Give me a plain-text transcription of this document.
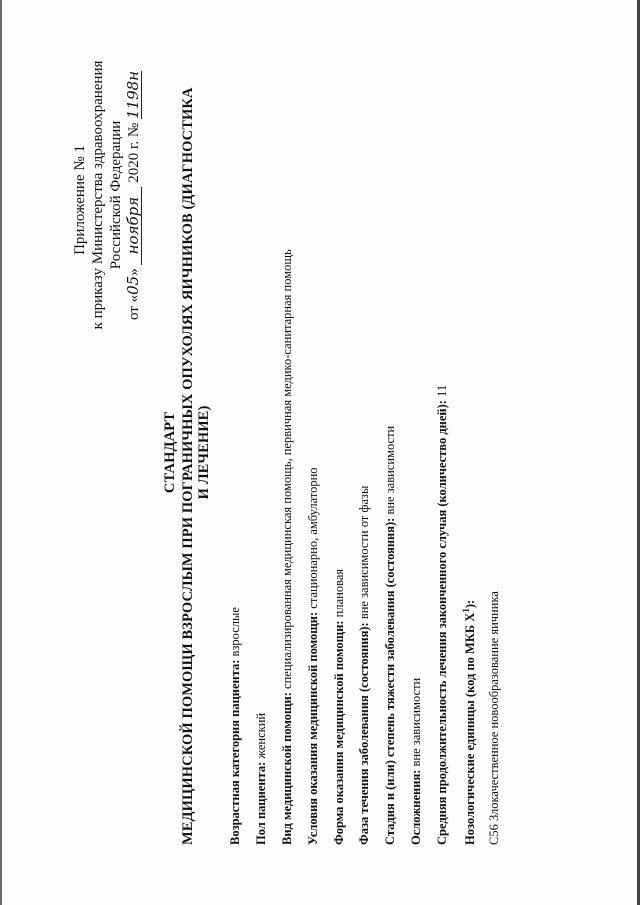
Приложение № 1 к приказу Министерства здравоохранения Российской Федерации
от «05» ноября 2020 г. № 1198н
СТАНДАРТ МЕДИЦИНСКОЙ ПОМОЩИ ВЗРОСЛЫМ ПРИ ПОГРАНИЧНЫХ ОПУХОЛЯХ ЯИЧНИКОВ (ДИАГНОСТИКА И ЛЕЧЕНИЕ)
Возрастная категория пациента: взрослые
Пол пациента: женский Вид медицинской помощи: специализированная медицинская помощь, первичная медико-санитарная помощь
Условия оказания медицинской помощи: стационарно, амбулаторно
Форма оказания медицинской помощи: плановая
Фаза течения заболевания (состояния): вне зависимости от фазы Стадия и (или) степень тяжести заболевания (состояния): вне зависимости
Осложнения: вне зависимости Средняя продолжительность лечения законченного случая (количество дней): 11
Нозологические единицы (код по МКБ $X^1$): C56 Злокачественное новообразование яичника
